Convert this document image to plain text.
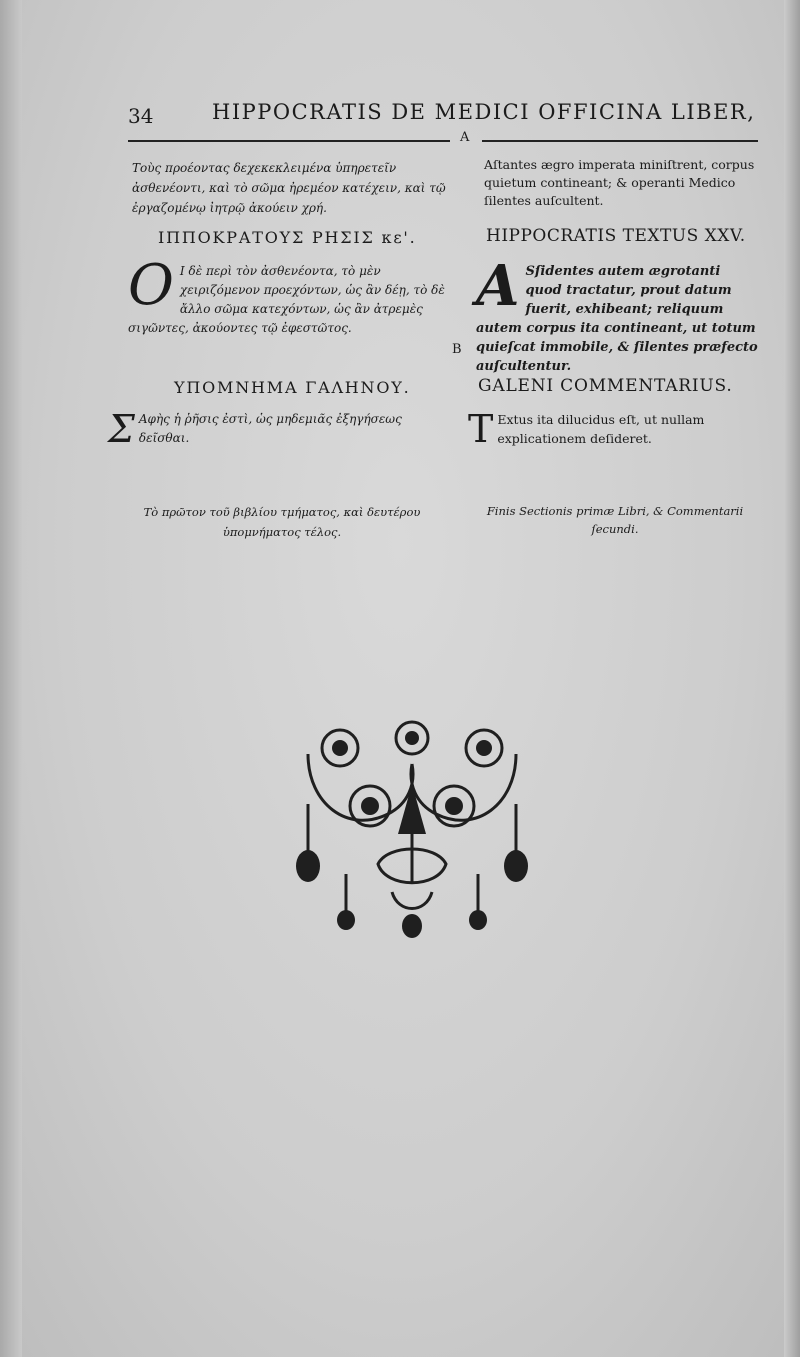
34	HIPPOCRATIS DE MEDICI OFFICINA LIBER,
A
Τοὺς προέοντας δεχεκεκλειμένα ὑπηρετεῖν ἀσθενέοντι, καὶ τὸ σῶμα ἠρεμέον κατέχειν, καὶ τῷ ἐργαζομένῳ ἰητρῷ ἀκούειν χρή.
Aſtantes ægro imperata miniſtrent, corpus quietum contineant; & operanti Medico ſilentes auſcultent.
ΙΠΠΟΚΡΑΤΟΥΣ ΡΗΣΙΣ κε'.	HIPPOCRATIS TEXTUS XXV.
O Ι δὲ περὶ τὸν ἀσθενέοντα, τὸ μὲν χειριζόμενον προεχόντων, ὡς ἂν δέῃ, τὸ δὲ ἄλλο σῶμα κατεχόντων, ὡς ἂν ἀτρεμὲς σιγῶντες, ἀκούοντες τῷ ἐφεστῶτος.
A Sſidentes autem ægrotanti quod tractatur, prout datum fuerit, exhibeant; reliquum autem corpus ita contineant, ut totum quieſcat immobile, & ſilentes præfecto auſcultentur.
B
ΥΠΟΜΝΗΜΑ ΓΑΛΗΝΟΥ.	GALENI COMMENTARIUS.
Σ Αφὴς ἡ ῥῆσις ἐστὶ, ὡς μηδεμιᾶς ἐξηγήσεως δεῖσθαι.	T Extus ita dilucidus eſt, ut nullam explicationem deſideret.
Τὸ πρῶτον τοῦ βιβλίου τμήματος, καὶ δευτέρου ὑπομνήματος τέλος.
Finis Sectionis primæ Libri, & Commentarii ſecundi.
